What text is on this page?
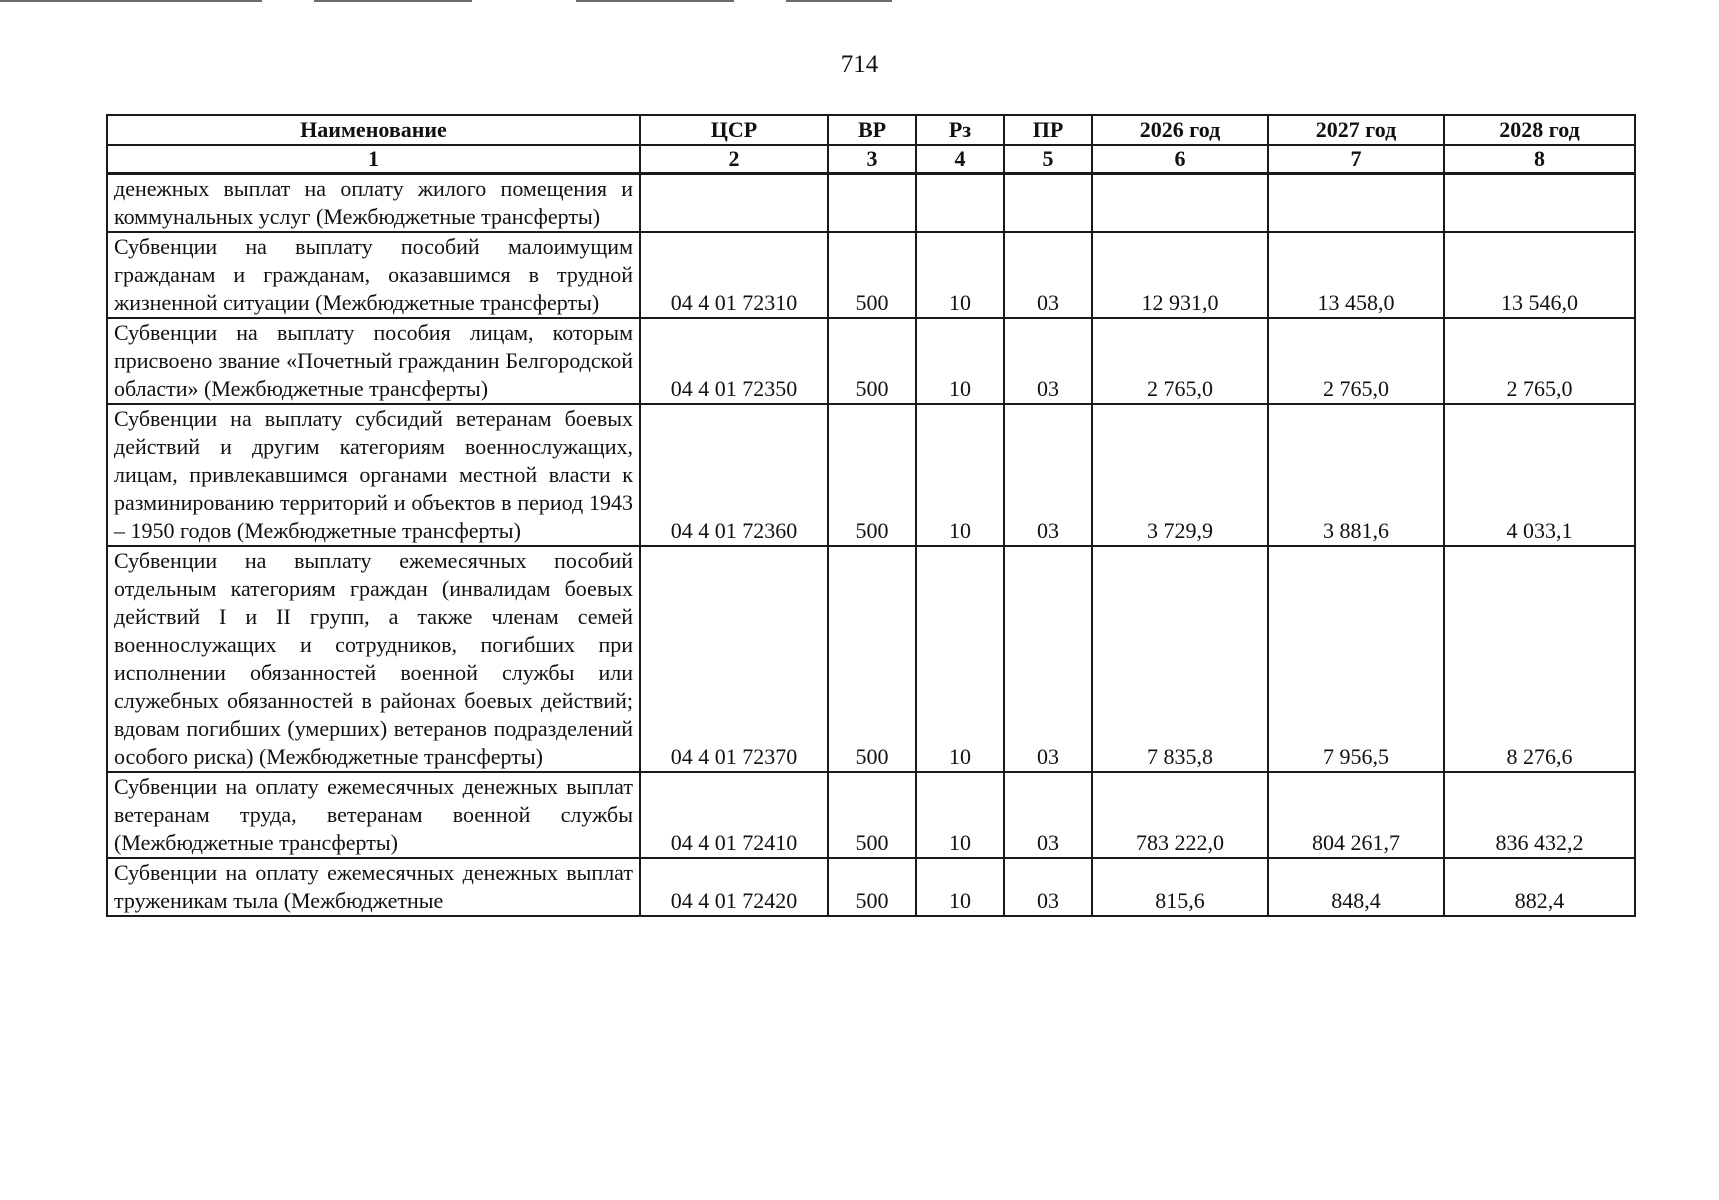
714
Наименование	ЦСР	ВР	Рз	ПР	2026 год	2027 год	2028 год
1	2	3	4	5	6	7	8
денежных выплат на оплату жилого помещения и коммунальных услуг (Межбюджетные трансферты)							
Субвенции на выплату пособий малоимущим гражданам и гражданам, оказавшимся в трудной жизненной ситуации (Межбюджетные трансферты)	04 4 01 72310	500	10	03	12 931,0	13 458,0	13 546,0
Субвенции на выплату пособия лицам, которым присвоено звание «Почетный гражданин Белгородской области» (Межбюджетные трансферты)	04 4 01 72350	500	10	03	2 765,0	2 765,0	2 765,0
Субвенции на выплату субсидий ветеранам боевых действий и другим категориям военнослужащих, лицам, привлекавшимся органами местной власти к разминированию территорий и объектов в период 1943 – 1950 годов (Межбюджетные трансферты)	04 4 01 72360	500	10	03	3 729,9	3 881,6	4 033,1
Субвенции на выплату ежемесячных пособий отдельным категориям граждан (инвалидам боевых действий I и II групп, а также членам семей военнослужащих и сотрудников, погибших при исполнении обязанностей военной службы или служебных обязанностей в районах боевых действий; вдовам погибших (умерших) ветеранов подразделений особого риска) (Межбюджетные трансферты)	04 4 01 72370	500	10	03	7 835,8	7 956,5	8 276,6
Субвенции на оплату ежемесячных денежных выплат ветеранам труда, ветеранам военной службы (Межбюджетные трансферты)	04 4 01 72410	500	10	03	783 222,0	804 261,7	836 432,2
Субвенции на оплату ежемесячных денежных выплат труженикам тыла (Межбюджетные	04 4 01 72420	500	10	03	815,6	848,4	882,4
